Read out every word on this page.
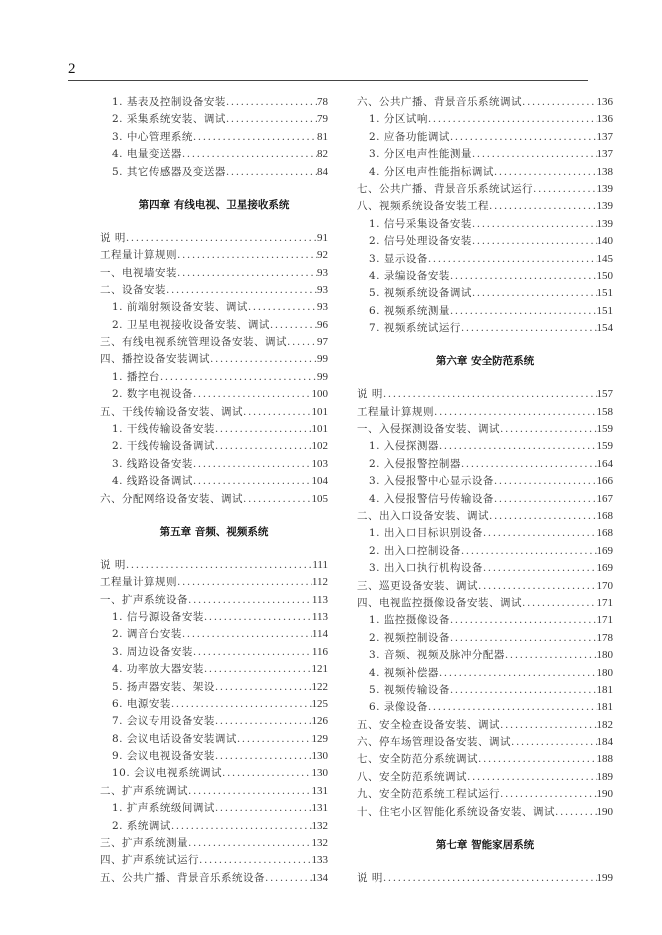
2
1. 基表及控制设备安装 .....	78
2. 采集系统安装、调试 .....	79
3. 中心管理系统 .....	81
4. 电量变送器 .....	82
5. 其它传感器及变送器 .....	84
第四章 有线电视、卫星接收系统
说 明 .....	91
工程量计算规则 .....	92
一、电视墙安装 .....	93
二、设备安装 .....	93
1. 前端射频设备安装、调试 .....	93
2. 卫星电视接收设备安装、调试 .....	96
三、有线电视系统管理设备安装、调试 .....	97
四、播控设备安装调试 .....	99
1. 播控台 .....	99
2. 数字电视设备 .....	100
五、干线传输设备安装、调试 .....	101
1. 干线传输设备安装 .....	101
2. 干线传输设备调试 .....	102
3. 线路设备安装 .....	103
4. 线路设备调试 .....	104
六、分配网络设备安装、调试 .....	105
第五章 音频、视频系统
说 明 .....	111
工程量计算规则 .....	112
一、扩声系统设备 .....	113
1. 信号源设备安装 .....	113
2. 调音台安装 .....	114
3. 周边设备安装 .....	116
4. 功率放大器安装 .....	121
5. 扬声器安装、架设 .....	122
6. 电源安装 .....	125
7. 会议专用设备安装 .....	126
8. 会议电话设备安装调试 .....	129
9. 会议电视设备安装 .....	130
10. 会议电视系统调试 .....	130
二、扩声系统调试 .....	131
1. 扩声系统级间调试 .....	131
2. 系统调试 .....	132
三、扩声系统测量 .....	132
四、扩声系统试运行 .....	133
五、公共广播、背景音乐系统设备 .....	134
六、公共广播、背景音乐系统调试 .....	136
1. 分区试响 .....	136
2. 应备功能调试 .....	137
3. 分区电声性能测量 .....	137
4. 分区电声性能指标调试 .....	138
七、公共广播、背景音乐系统试运行 .....	139
八、视频系统设备安装工程 .....	139
1. 信号采集设备安装 .....	139
2. 信号处理设备安装 .....	140
3. 显示设备 .....	145
4. 录编设备安装 .....	150
5. 视频系统设备调试 .....	151
6. 视频系统测量 .....	151
7. 视频系统试运行 .....	154
第六章 安全防范系统
说 明 .....	157
工程量计算规则 .....	158
一、入侵探测设备安装、调试 .....	159
1. 入侵探测器 .....	159
2. 入侵报警控制器 .....	164
3. 入侵报警中心显示设备 .....	166
4. 入侵报警信号传输设备 .....	167
二、出入口设备安装、调试 .....	168
1. 出入口目标识别设备 .....	168
2. 出入口控制设备 .....	169
3. 出入口执行机构设备 .....	169
三、巡更设备安装、调试 .....	170
四、电视监控摄像设备安装、调试 .....	171
1. 监控摄像设备 .....	171
2. 视频控制设备 .....	178
3. 音频、视频及脉冲分配器 .....	180
4. 视频补偿器 .....	180
5. 视频传输设备 .....	181
6. 录像设备 .....	181
五、安全检查设备安装、调试 .....	182
六、停车场管理设备安装、调试 .....	184
七、安全防范分系统调试 .....	188
八、安全防范系统调试 .....	189
九、安全防范系统工程试运行 .....	190
十、住宅小区智能化系统设备安装、调试 .....	190
第七章 智能家居系统
说 明 .....	199
